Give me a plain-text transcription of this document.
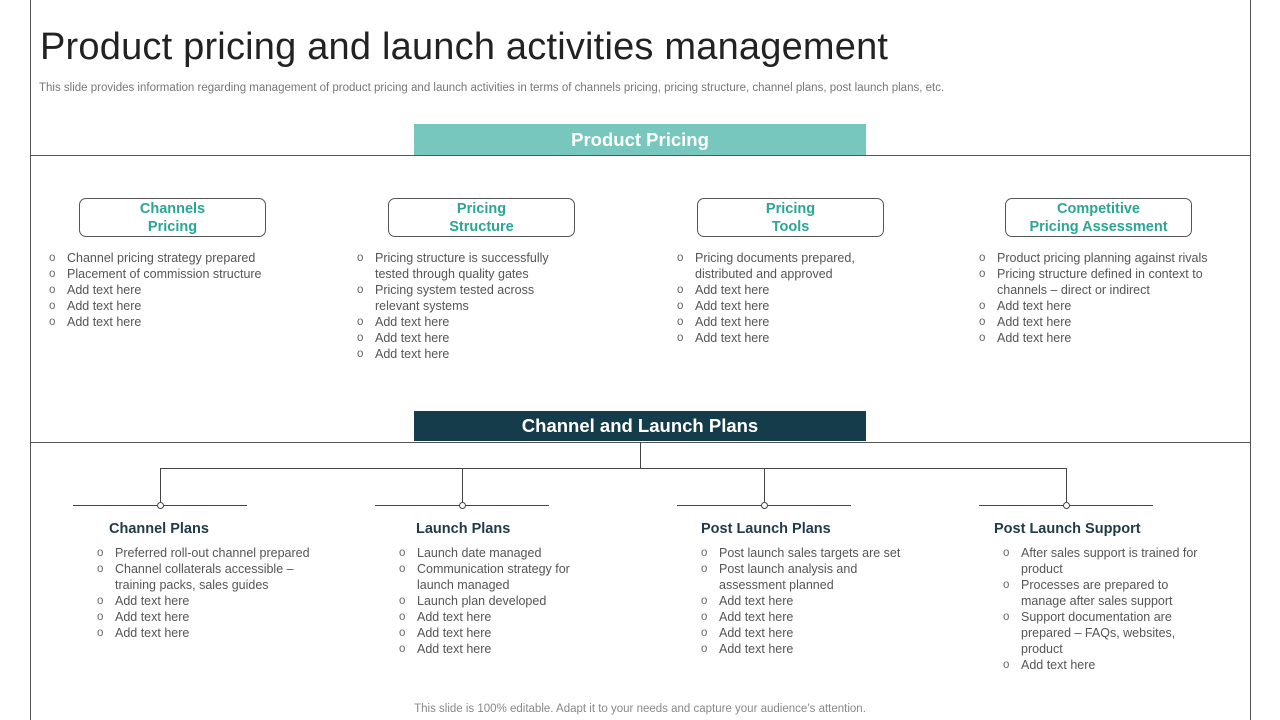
Product pricing and launch activities management
This slide provides information regarding management of product pricing and launch activities in terms of channels pricing, pricing structure, channel plans, post launch plans, etc.
Product Pricing
Channels
Pricing
Pricing
Structure
Pricing
Tools
Competitive
Pricing Assessment
o Channel pricing strategy prepared
o Placement of commission structure
o Add text here
o Add text here
o Add text here
o Pricing structure is successfully tested through quality gates
o Pricing system tested across relevant systems
o Add text here
o Add text here
o Add text here
o Pricing documents prepared, distributed and approved
o Add text here
o Add text here
o Add text here
o Add text here
o Product pricing planning against rivals
o Pricing structure defined in context to channels – direct or indirect
o Add text here
o Add text here
o Add text here
Channel and Launch Plans
Channel Plans	Launch Plans	Post Launch Plans	Post Launch Support
o Preferred roll-out channel prepared
o Channel collaterals accessible – training packs, sales guides
o Add text here
o Add text here
o Add text here
o Launch date managed
o Communication strategy for launch managed
o Launch plan developed
o Add text here
o Add text here
o Add text here
o Post launch sales targets are set
o Post launch analysis and assessment planned
o Add text here
o Add text here
o Add text here
o Add text here
o After sales support is trained for product
o Processes are prepared to manage after sales support
o Support documentation are prepared – FAQs, websites, product
o Add text here
This slide is 100% editable. Adapt it to your needs and capture your audience’s attention.
